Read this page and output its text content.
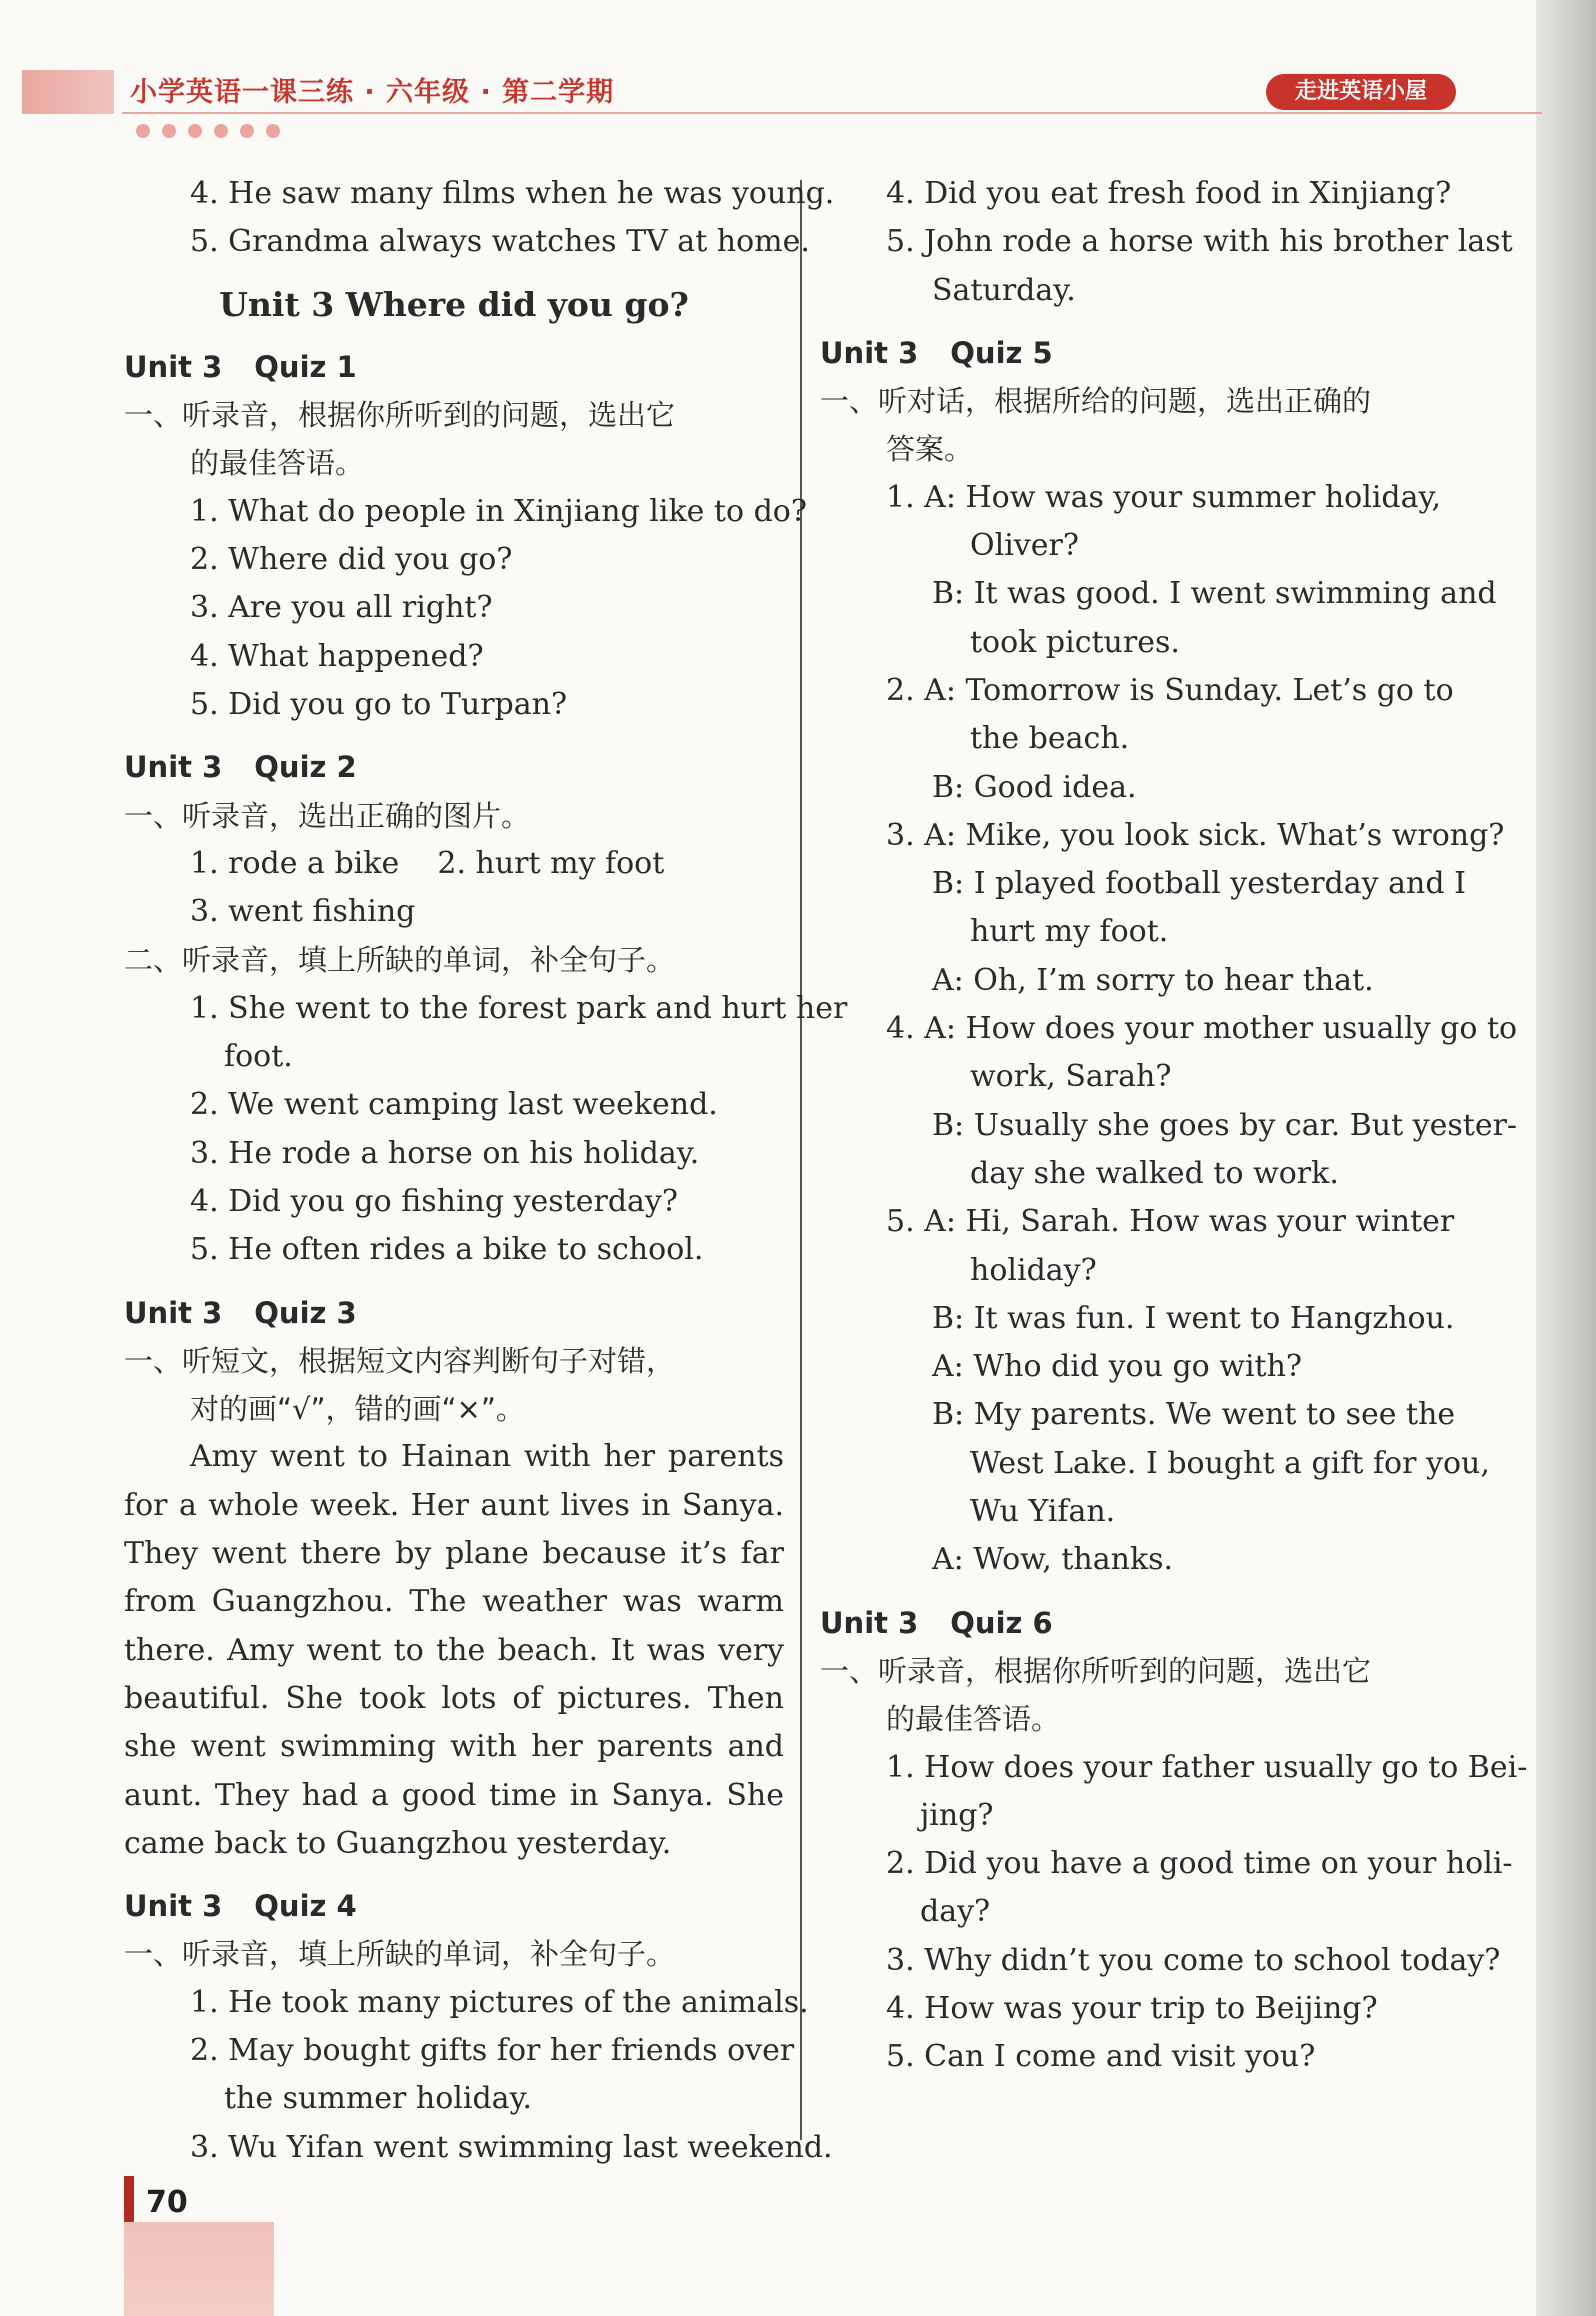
小学英语一课三练 · 六年级 · 第二学期	走进英语小屋
4. He saw many films when he was young.
5. Grandma always watches TV at home.
Unit 3 Where did you go?
Unit 3 Quiz 1
一、听录音，根据你所听到的问题，选出它
的最佳答语。
1. What do people in Xinjiang like to do?
2. Where did you go?
3. Are you all right?
4. What happened?
5. Did you go to Turpan?
Unit 3 Quiz 2
一、听录音，选出正确的图片。
1. rode a bike    2. hurt my foot
3. went fishing
二、听录音，填上所缺的单词，补全句子。
1. She went to the forest park and hurt her
foot.
2. We went camping last weekend.
3. He rode a horse on his holiday.
4. Did you go fishing yesterday?
5. He often rides a bike to school.
Unit 3 Quiz 3
一、听短文，根据短文内容判断句子对错，
对的画“√”，错的画“×”。
Amy went to Hainan with her parents for a whole week. Her aunt lives in Sanya. They went there by plane because it’s far from Guangzhou. The weather was warm there. Amy went to the beach. It was very beautiful. She took lots of pictures. Then she went swimming with her parents and aunt. They had a good time in Sanya. She came back to Guangzhou yesterday.
Unit 3 Quiz 4
一、听录音，填上所缺的单词，补全句子。
1. He took many pictures of the animals.
2. May bought gifts for her friends over
the summer holiday.
3. Wu Yifan went swimming last weekend.
4. Did you eat fresh food in Xinjiang?
5. John rode a horse with his brother last
Saturday.
Unit 3 Quiz 5
一、听对话，根据所给的问题，选出正确的
答案。
1. A: How was your summer holiday,
Oliver?
B: It was good. I went swimming and
took pictures.
2. A: Tomorrow is Sunday. Let’s go to
the beach.
B: Good idea.
3. A: Mike, you look sick. What’s wrong?
B: I played football yesterday and I
hurt my foot.
A: Oh, I’m sorry to hear that.
4. A: How does your mother usually go to
work, Sarah?
B: Usually she goes by car. But yester-
day she walked to work.
5. A: Hi, Sarah. How was your winter
holiday?
B: It was fun. I went to Hangzhou.
A: Who did you go with?
B: My parents. We went to see the
West Lake. I bought a gift for you,
Wu Yifan.
A: Wow, thanks.
Unit 3 Quiz 6
一、听录音，根据你所听到的问题，选出它
的最佳答语。
1. How does your father usually go to Bei-
jing?
2. Did you have a good time on your holi-
day?
3. Why didn’t you come to school today?
4. How was your trip to Beijing?
5. Can I come and visit you?
70
